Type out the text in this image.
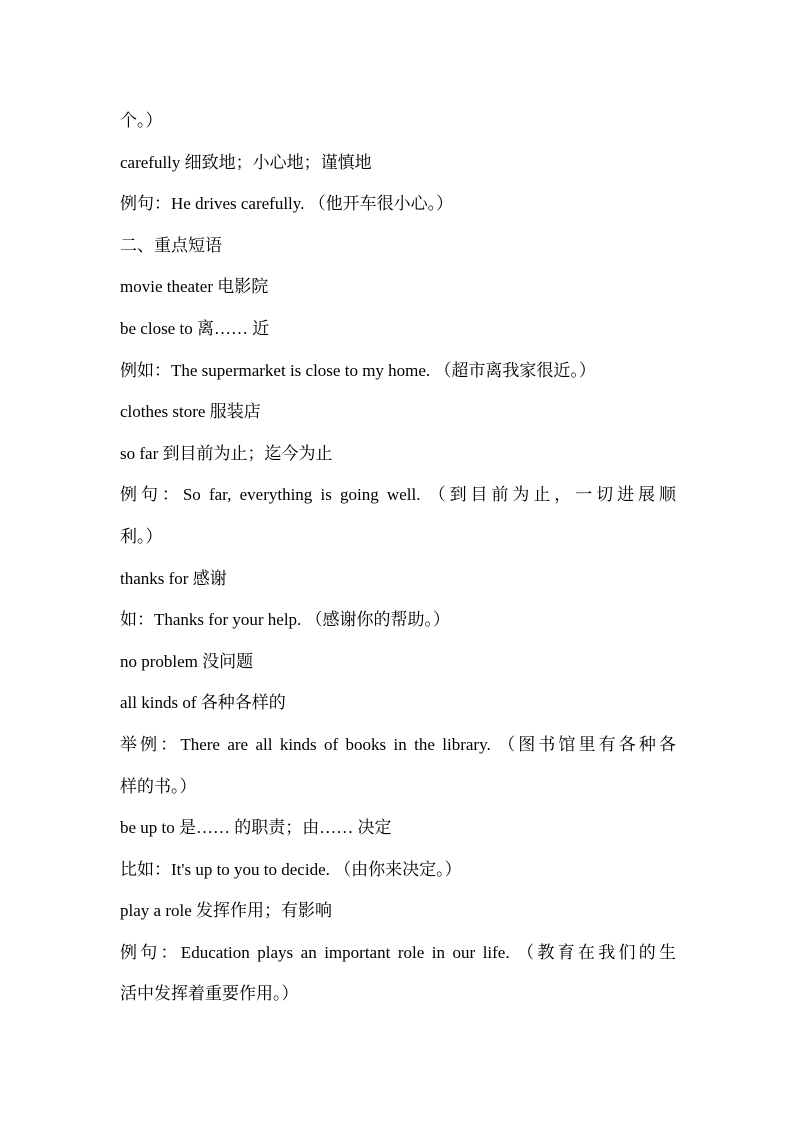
个。）
carefully 细致地；小心地；谨慎地
例句：He drives carefully. （他开车很小心。）
二、重点短语
movie theater 电影院
be close to 离…… 近
例如：The supermarket is close to my home. （超市离我家很近。）
clothes store 服装店
so far 到目前为止；迄今为止
例句：So far, everything is going well. （到目前为止，一切进展顺
利。）
thanks for 感谢
如：Thanks for your help. （感谢你的帮助。）
no problem 没问题
all kinds of 各种各样的
举例：There are all kinds of books in the library. （图书馆里有各种各
样的书。）
be up to 是…… 的职责；由…… 决定
比如：It's up to you to decide. （由你来决定。）
play a role 发挥作用；有影响
例句：Education plays an important role in our life. （教育在我们的生
活中发挥着重要作用。）
